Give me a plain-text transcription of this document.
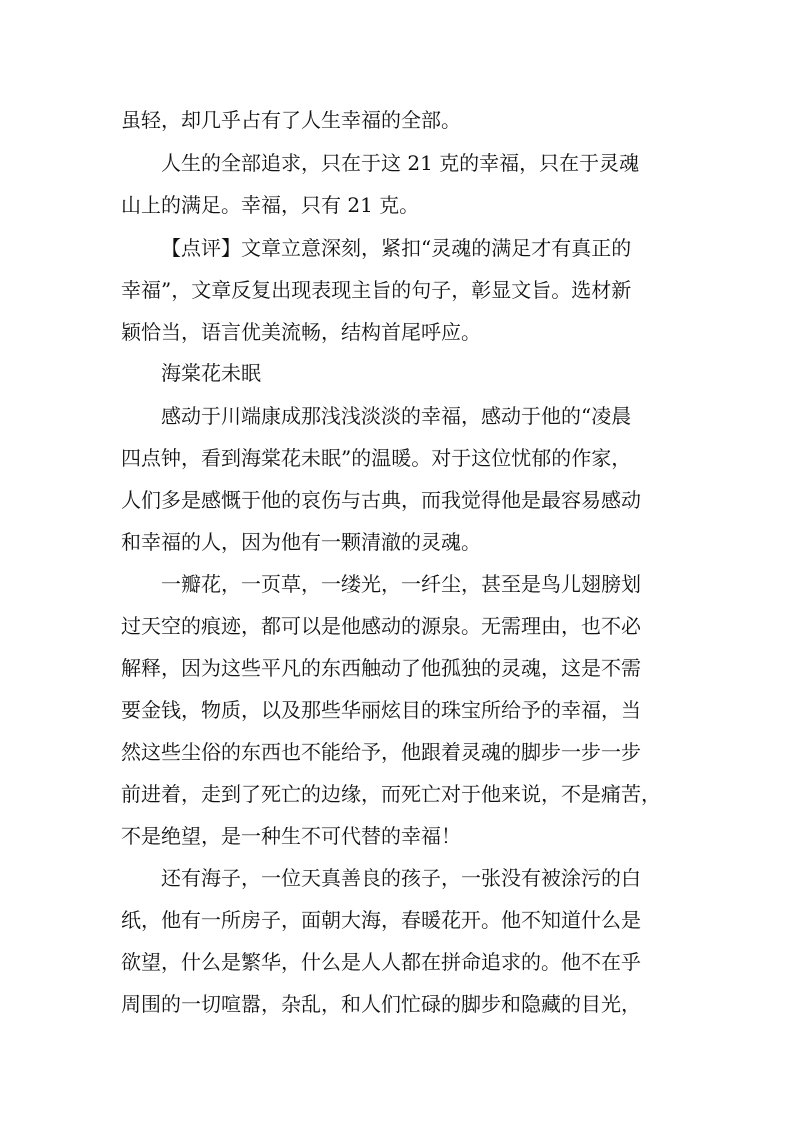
虽轻，却几乎占有了人生幸福的全部。
人生的全部追求，只在于这 21 克的幸福，只在于灵魂
山上的满足。幸福，只有 21 克。
【点评】文章立意深刻，紧扣“灵魂的满足才有真正的
幸福”，文章反复出现表现主旨的句子，彰显文旨。选材新
颖恰当，语言优美流畅，结构首尾呼应。
海棠花未眠
感动于川端康成那浅浅淡淡的幸福，感动于他的“凌晨
四点钟，看到海棠花未眠”的温暖。对于这位忧郁的作家，
人们多是感慨于他的哀伤与古典，而我觉得他是最容易感动
和幸福的人，因为他有一颗清澈的灵魂。
一瓣花，一页草，一缕光，一纤尘，甚至是鸟儿翅膀划
过天空的痕迹，都可以是他感动的源泉。无需理由，也不必
解释，因为这些平凡的东西触动了他孤独的灵魂，这是不需
要金钱，物质，以及那些华丽炫目的珠宝所给予的幸福，当
然这些尘俗的东西也不能给予，他跟着灵魂的脚步一步一步
前进着，走到了死亡的边缘，而死亡对于他来说，不是痛苦，
不是绝望，是一种生不可代替的幸福！
还有海子，一位天真善良的孩子，一张没有被涂污的白
纸，他有一所房子，面朝大海，春暖花开。他不知道什么是
欲望，什么是繁华，什么是人人都在拼命追求的。他不在乎
周围的一切喧嚣，杂乱，和人们忙碌的脚步和隐藏的目光，
